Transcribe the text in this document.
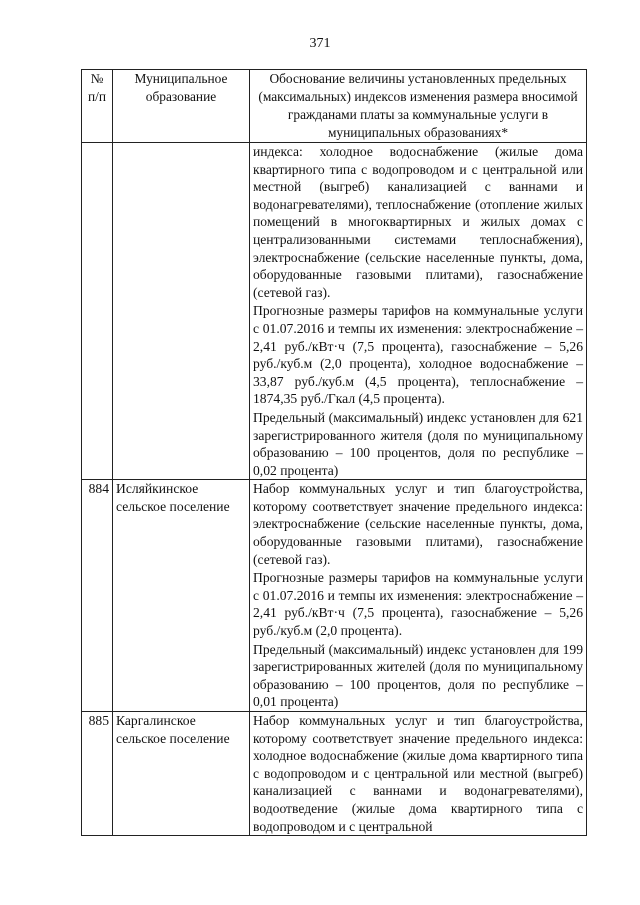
371
№ п/п	Муниципальное образование	Обоснование величины установленных предельных (максимальных) индексов изменения размера вносимой гражданами платы за коммунальные услуги в муниципальных образованиях*

		индекса: холодное водоснабжение (жилые дома квартирного типа с водопроводом и с центральной или местной (выгреб) канализацией с ваннами и водонагревателями), теплоснабжение (отопление жилых помещений в многоквартирных и жилых домах с централизованными системами теплоснабжения), электроснабжение (сельские населенные пункты, дома, оборудованные газовыми плитами), газоснабжение (сетевой газ).

Прогнозные размеры тарифов на коммунальные услуги с 01.07.2016 и темпы их изменения: электроснабжение – 2,41 руб./кВт·ч (7,5 процента), газоснабжение – 5,26 руб./куб.м (2,0 процента), холодное водоснабжение – 33,87 руб./куб.м (4,5 процента), теплоснабжение – 1874,35 руб./Гкал (4,5 процента).

Предельный (максимальный) индекс установлен для 621 зарегистрированного жителя (доля по муниципальному образованию – 100 процентов, доля по республике – 0,02 процента)

884	Исляйкинское сельское поселение	Набор коммунальных услуг и тип благоустройства, которому соответствует значение предельного индекса: электроснабжение (сельские населенные пункты, дома, оборудованные газовыми плитами), газоснабжение (сетевой газ).

Прогнозные размеры тарифов на коммунальные услуги с 01.07.2016 и темпы их изменения: электроснабжение – 2,41 руб./кВт·ч (7,5 процента), газоснабжение – 5,26 руб./куб.м (2,0 процента).

Предельный (максимальный) индекс установлен для 199 зарегистрированных жителей (доля по муниципальному образованию – 100 процентов, доля по республике – 0,01 процента)

885	Каргалинское сельское поселение	Набор коммунальных услуг и тип благоустройства, которому соответствует значение предельного индекса: холодное водоснабжение (жилые дома квартирного типа с водопроводом и с центральной или местной (выгреб) канализацией с ваннами и водонагревателями), водоотведение (жилые дома квартирного типа с водопроводом и с центральной
